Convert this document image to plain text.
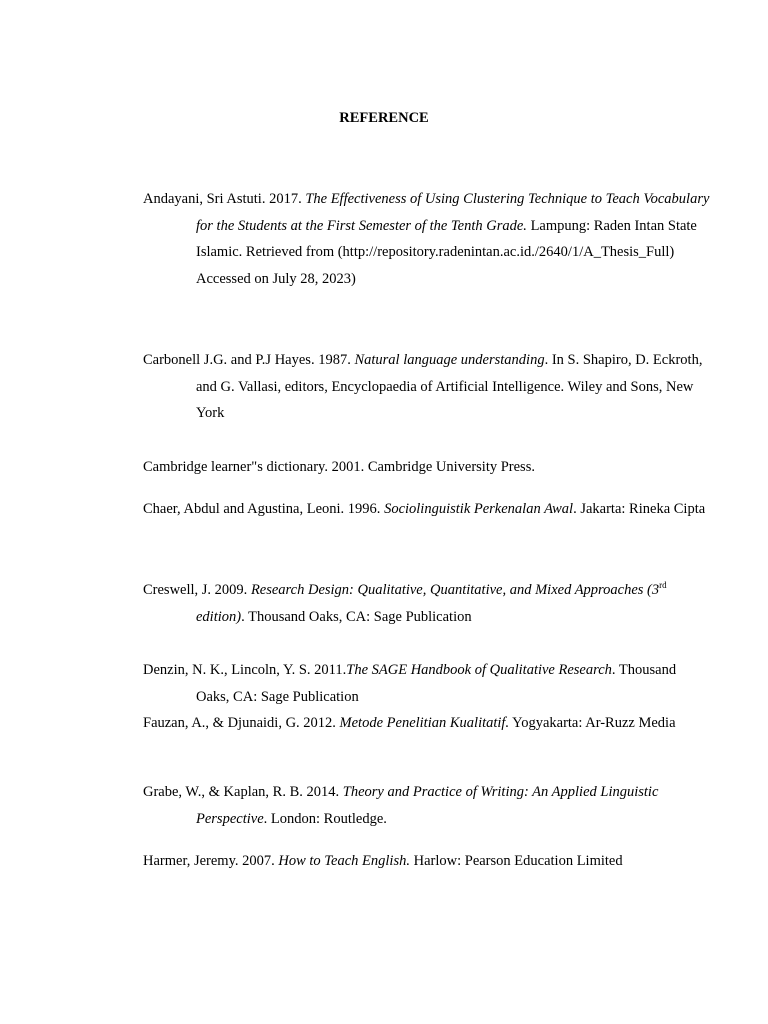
REFERENCE

Andayani, Sri Astuti. 2017. The Effectiveness of Using Clustering Technique to Teach Vocabulary for the Students at the First Semester of the Tenth Grade. Lampung: Raden Intan State Islamic. Retrieved from (http://repository.radenintan.ac.id./2640/1/A_Thesis_Full) Accessed on July 28, 2023)

Carbonell J.G. and P.J Hayes. 1987. Natural language understanding. In S. Shapiro, D. Eckroth, and G. Vallasi, editors, Encyclopaedia of Artificial Intelligence. Wiley and Sons, New York

Cambridge learner"s dictionary. 2001. Cambridge University Press.

Chaer, Abdul and Agustina, Leoni. 1996. Sociolinguistik Perkenalan Awal. Jakarta: Rineka Cipta

Creswell, J. 2009. Research Design: Qualitative, Quantitative, and Mixed Approaches (3rd edition). Thousand Oaks, CA: Sage Publication

Denzin, N. K., Lincoln, Y. S. 2011.The SAGE Handbook of Qualitative Research. Thousand Oaks, CA: Sage Publication

Fauzan, A., & Djunaidi, G. 2012. Metode Penelitian Kualitatif. Yogyakarta: Ar-Ruzz Media

Grabe, W., & Kaplan, R. B. 2014. Theory and Practice of Writing: An Applied Linguistic Perspective. London: Routledge.

Harmer, Jeremy. 2007. How to Teach English. Harlow: Pearson Education Limited
